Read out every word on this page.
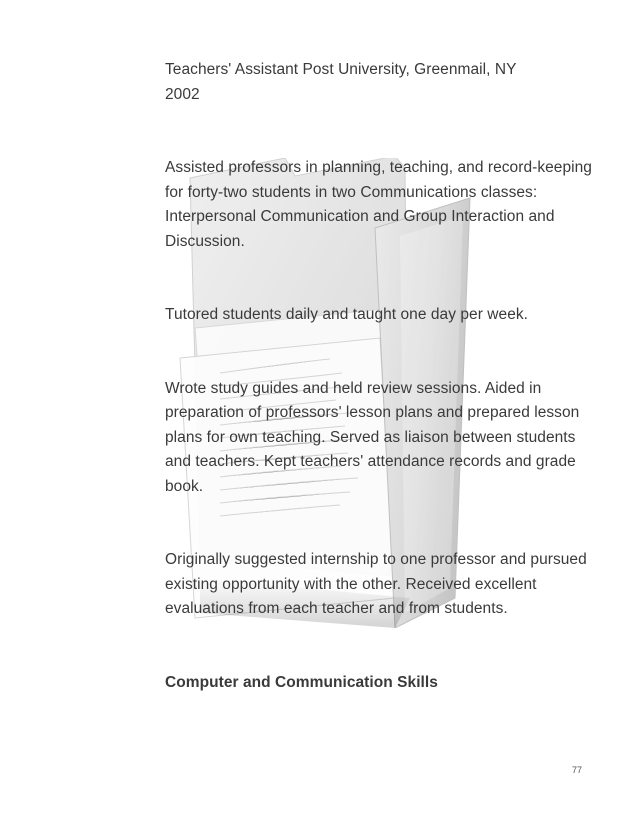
Teachers' Assistant Post University, Greenmail, NY

2002

Assisted professors in planning, teaching, and record-keeping for forty-two students in two Communications classes: Interpersonal Communication and Group Interaction and Discussion.

Tutored students daily and taught one day per week.

Wrote study guides and held review sessions. Aided in preparation of professors' lesson plans and prepared lesson plans for own teaching. Served as liaison between students and teachers. Kept teachers' attendance records and grade book.

Originally suggested internship to one professor and pursued existing opportunity with the other. Received excellent evaluations from each teacher and from students.

Computer and Communication Skills

77
